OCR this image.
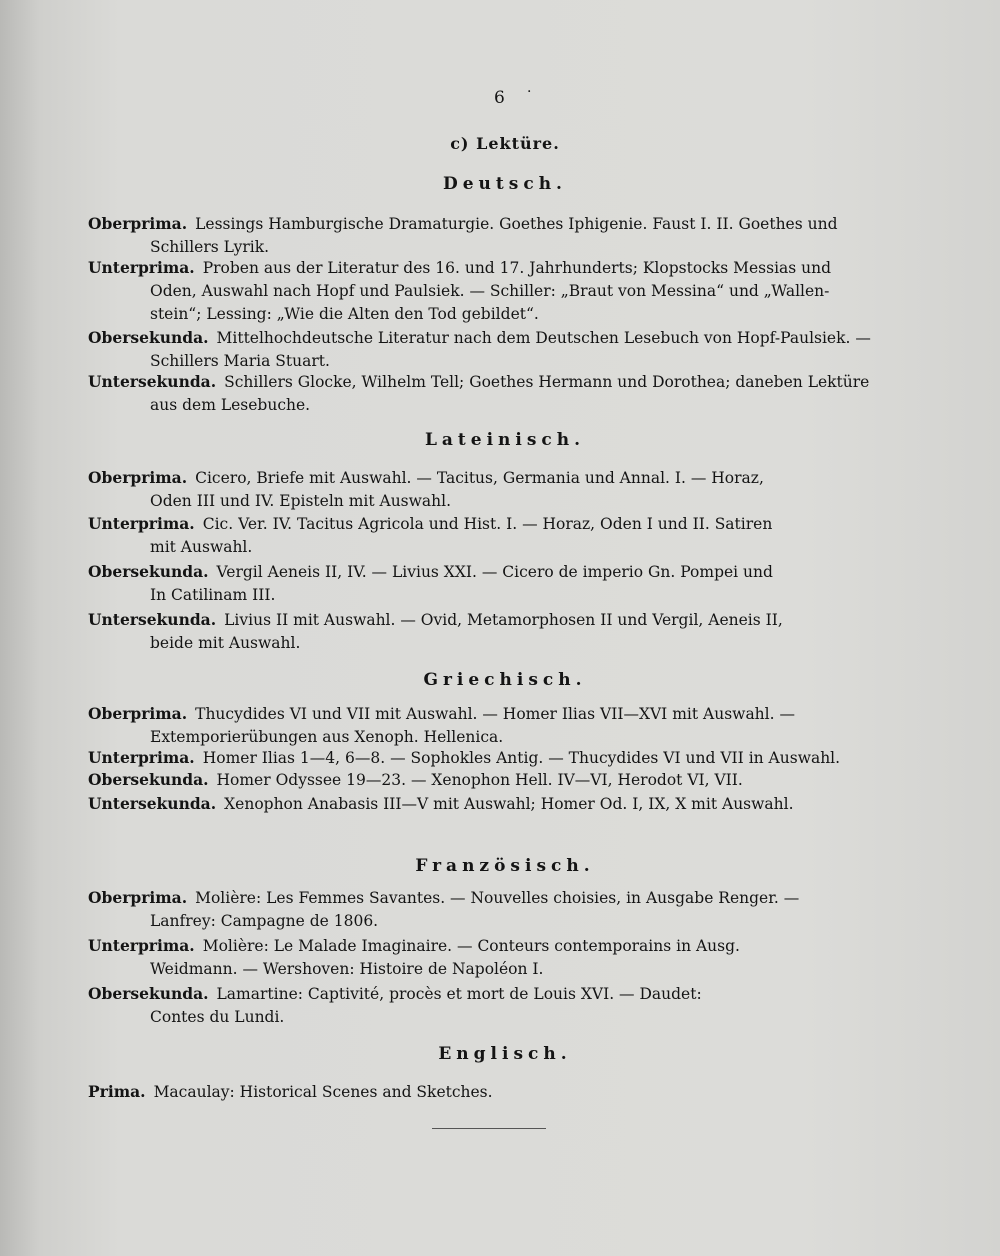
6 ·
c) Lektüre.
Deutsch.
Oberprima. Lessings Hamburgische Dramaturgie. Goethes Iphigenie. Faust I. II. Goethes und
Schillers Lyrik.
Unterprima. Proben aus der Literatur des 16. und 17. Jahrhunderts; Klopstocks Messias und
Oden, Auswahl nach Hopf und Paulsiek. — Schiller: „Braut von Messina“ und „Wallen-
stein“; Lessing: „Wie die Alten den Tod gebildet“.
Obersekunda. Mittelhochdeutsche Literatur nach dem Deutschen Lesebuch von Hopf-Paulsiek. —
Schillers Maria Stuart.
Untersekunda. Schillers Glocke, Wilhelm Tell; Goethes Hermann und Dorothea; daneben Lektüre
aus dem Lesebuche.
Lateinisch.
Oberprima. Cicero, Briefe mit Auswahl. — Tacitus, Germania und Annal. I. — Horaz,
Oden III und IV. Episteln mit Auswahl.
Unterprima. Cic. Ver. IV. Tacitus Agricola und Hist. I. — Horaz, Oden I und II. Satiren
mit Auswahl.
Obersekunda. Vergil Aeneis II, IV. — Livius XXI. — Cicero de imperio Gn. Pompei und
In Catilinam III.
Untersekunda. Livius II mit Auswahl. — Ovid, Metamorphosen II und Vergil, Aeneis II,
beide mit Auswahl.
Griechisch.
Oberprima. Thucydides VI und VII mit Auswahl. — Homer Ilias VII—XVI mit Auswahl. —
Extemporierübungen aus Xenoph. Hellenica.
Unterprima. Homer Ilias 1—4, 6—8. — Sophokles Antig. — Thucydides VI und VII in Auswahl.
Obersekunda. Homer Odyssee 19—23. — Xenophon Hell. IV—VI, Herodot VI, VII.
Untersekunda. Xenophon Anabasis III—V mit Auswahl; Homer Od. I, IX, X mit Auswahl.
Französisch.
Oberprima. Molière: Les Femmes Savantes. — Nouvelles choisies, in Ausgabe Renger. —
Lanfrey: Campagne de 1806.
Unterprima. Molière: Le Malade Imaginaire. — Conteurs contemporains in Ausg.
Weidmann. — Wershoven: Histoire de Napoléon I.
Obersekunda. Lamartine: Captivité, procès et mort de Louis XVI. — Daudet:
Contes du Lundi.
Englisch.
Prima. Macaulay: Historical Scenes and Sketches.
